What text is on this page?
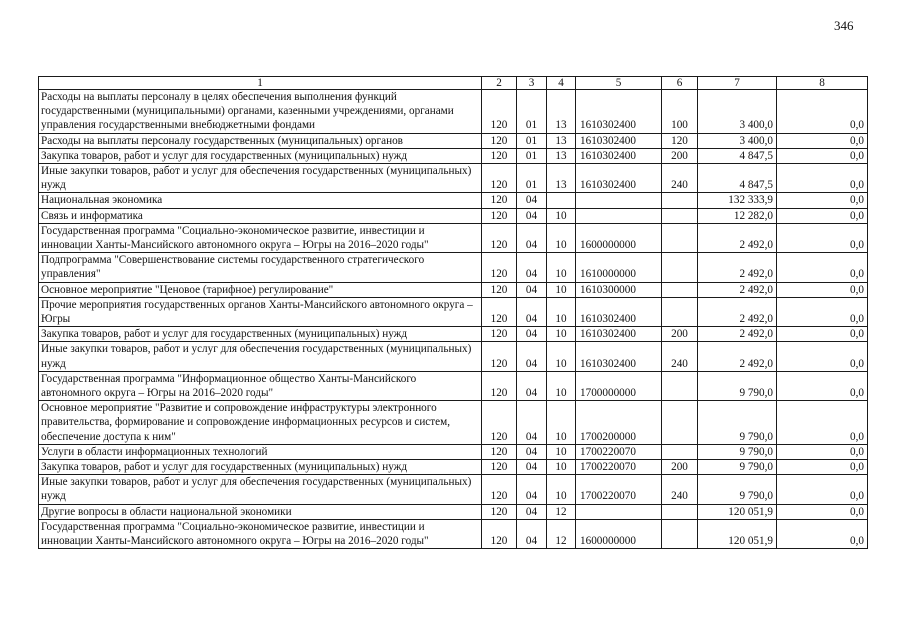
346
1	2	3	4	5	6	7	8
Расходы на выплаты персоналу в целях обеспечения выполнения функций государственными (муниципальными) органами, казенными учреждениями, органами управления государственными внебюджетными фондами	120	01	13	1610302400	100	3 400,0	0,0
Расходы на выплаты персоналу государственных (муниципальных) органов	120	01	13	1610302400	120	3 400,0	0,0
Закупка товаров, работ и услуг для государственных (муниципальных) нужд	120	01	13	1610302400	200	4 847,5	0,0
Иные закупки товаров, работ и услуг для обеспечения государственных (муниципальных) нужд	120	01	13	1610302400	240	4 847,5	0,0
Национальная экономика	120	04				132 333,9	0,0
Связь и информатика	120	04	10			12 282,0	0,0
Государственная программа "Социально-экономическое развитие, инвестиции и инновации Ханты-Мансийского автономного округа – Югры на 2016–2020 годы"	120	04	10	1600000000		2 492,0	0,0
Подпрограмма "Совершенствование системы государственного стратегического управления"	120	04	10	1610000000		2 492,0	0,0
Основное мероприятие "Ценовое (тарифное) регулирование"	120	04	10	1610300000		2 492,0	0,0
Прочие мероприятия государственных органов Ханты-Мансийского автономного округа – Югры	120	04	10	1610302400		2 492,0	0,0
Закупка товаров, работ и услуг для государственных (муниципальных) нужд	120	04	10	1610302400	200	2 492,0	0,0
Иные закупки товаров, работ и услуг для обеспечения государственных (муниципальных) нужд	120	04	10	1610302400	240	2 492,0	0,0
Государственная программа "Информационное общество Ханты-Мансийского автономного округа – Югры на 2016–2020 годы"	120	04	10	1700000000		9 790,0	0,0
Основное мероприятие "Развитие и сопровождение инфраструктуры электронного правительства, формирование и сопровождение информационных ресурсов и систем, обеспечение доступа к ним"	120	04	10	1700200000		9 790,0	0,0
Услуги в области информационных технологий	120	04	10	1700220070		9 790,0	0,0
Закупка товаров, работ и услуг для государственных (муниципальных) нужд	120	04	10	1700220070	200	9 790,0	0,0
Иные закупки товаров, работ и услуг для обеспечения государственных (муниципальных) нужд	120	04	10	1700220070	240	9 790,0	0,0
Другие вопросы в области национальной экономики	120	04	12			120 051,9	0,0
Государственная программа "Социально-экономическое развитие, инвестиции и инновации Ханты-Мансийского автономного округа – Югры на 2016–2020 годы"	120	04	12	1600000000		120 051,9	0,0
